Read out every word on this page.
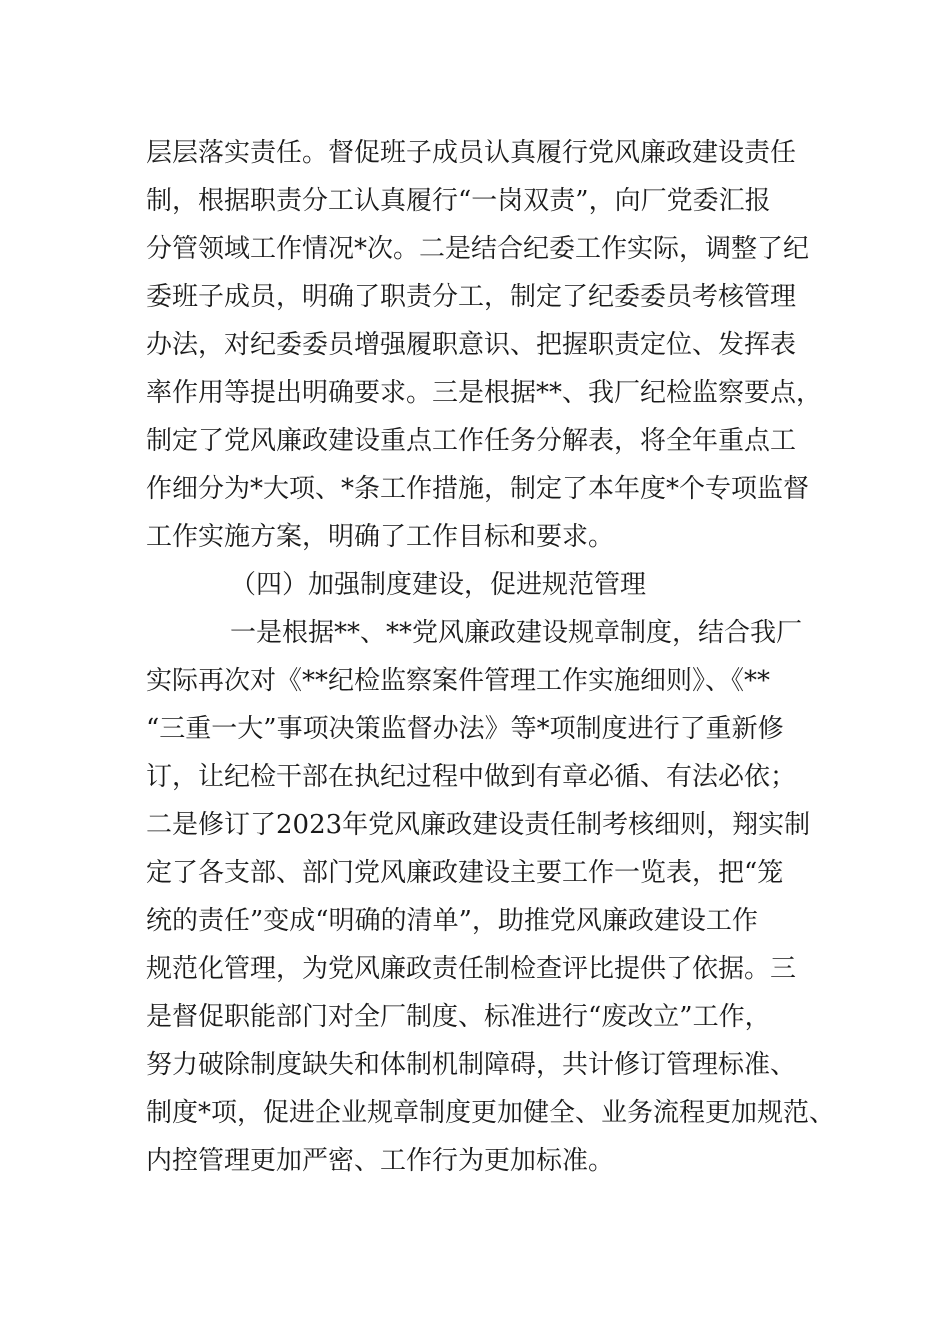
层层落实责任。督促班子成员认真履行党风廉政建设责任
制，根据职责分工认真履行“一岗双责”，向厂党委汇报
分管领域工作情况*次。二是结合纪委工作实际，调整了纪
委班子成员，明确了职责分工，制定了纪委委员考核管理
办法，对纪委委员增强履职意识、把握职责定位、发挥表
率作用等提出明确要求。三是根据**、我厂纪检监察要点，
制定了党风廉政建设重点工作任务分解表，将全年重点工
作细分为*大项、*条工作措施，制定了本年度*个专项监督
工作实施方案，明确了工作目标和要求。
（四）加强制度建设，促进规范管理
一是根据**、**党风廉政建设规章制度，结合我厂
实际再次对《**纪检监察案件管理工作实施细则》、《**
“三重一大”事项决策监督办法》等*项制度进行了重新修
订，让纪检干部在执纪过程中做到有章必循、有法必依；
二是修订了2023年党风廉政建设责任制考核细则，翔实制
定了各支部、部门党风廉政建设主要工作一览表，把“笼
统的责任”变成“明确的清单”，助推党风廉政建设工作
规范化管理，为党风廉政责任制检查评比提供了依据。三
是督促职能部门对全厂制度、标准进行“废改立”工作，
努力破除制度缺失和体制机制障碍，共计修订管理标准、
制度*项，促进企业规章制度更加健全、业务流程更加规范、
内控管理更加严密、工作行为更加标准。
